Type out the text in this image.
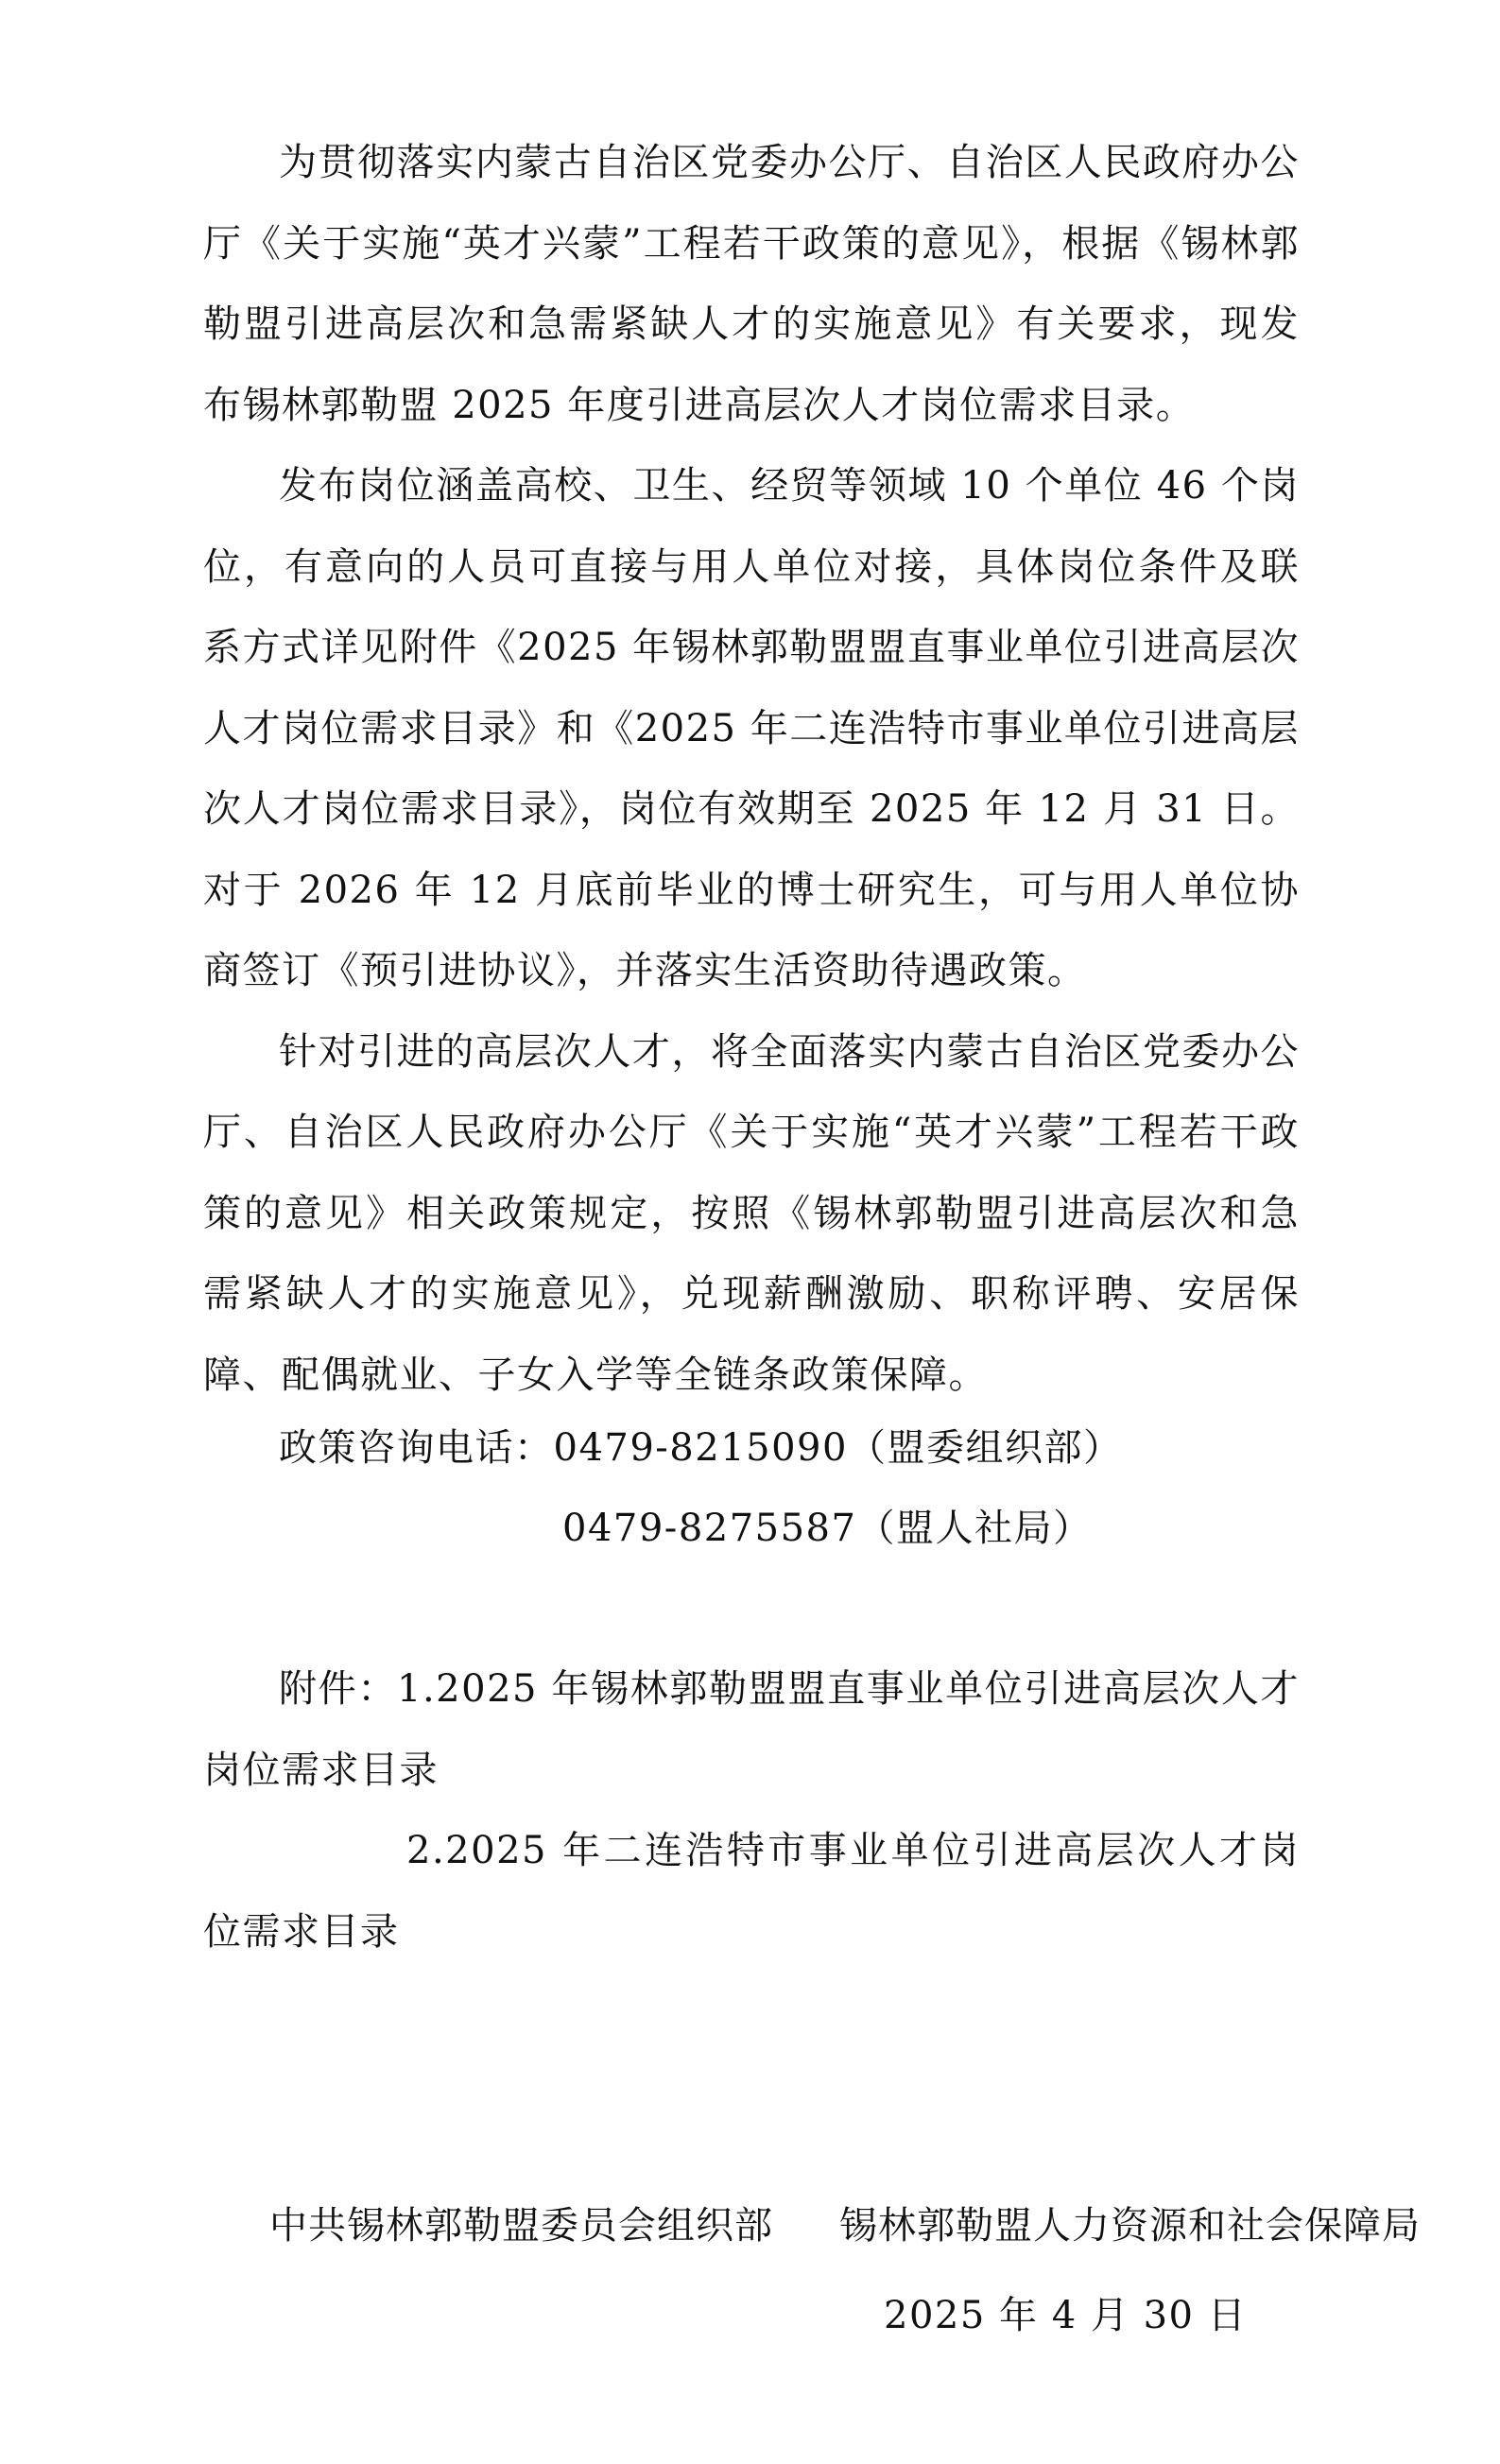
为贯彻落实内蒙古自治区党委办公厅、自治区人民政府办公厅《关于实施“英才兴蒙”工程若干政策的意见》，根据《锡林郭勒盟引进高层次和急需紧缺人才的实施意见》有关要求，现发布锡林郭勒盟 2025 年度引进高层次人才岗位需求目录。

发布岗位涵盖高校、卫生、经贸等领域 10 个单位 46 个岗位，有意向的人员可直接与用人单位对接，具体岗位条件及联系方式详见附件《2025 年锡林郭勒盟盟直事业单位引进高层次人才岗位需求目录》和《2025 年二连浩特市事业单位引进高层次人才岗位需求目录》，岗位有效期至 2025 年 12 月 31 日。对于 2026 年 12 月底前毕业的博士研究生，可与用人单位协商签订《预引进协议》，并落实生活资助待遇政策。

针对引进的高层次人才，将全面落实内蒙古自治区党委办公厅、自治区人民政府办公厅《关于实施“英才兴蒙”工程若干政策的意见》相关政策规定，按照《锡林郭勒盟引进高层次和急需紧缺人才的实施意见》，兑现薪酬激励、职称评聘、安居保障、配偶就业、子女入学等全链条政策保障。

政策咨询电话：0479-8215090（盟委组织部）
0479-8275587（盟人社局）

附件：1.2025 年锡林郭勒盟盟直事业单位引进高层次人才岗位需求目录

2.2025 年二连浩特市事业单位引进高层次人才岗位需求目录

中共锡林郭勒盟委员会组织部 锡林郭勒盟人力资源和社会保障局
2025 年 4 月 30 日
